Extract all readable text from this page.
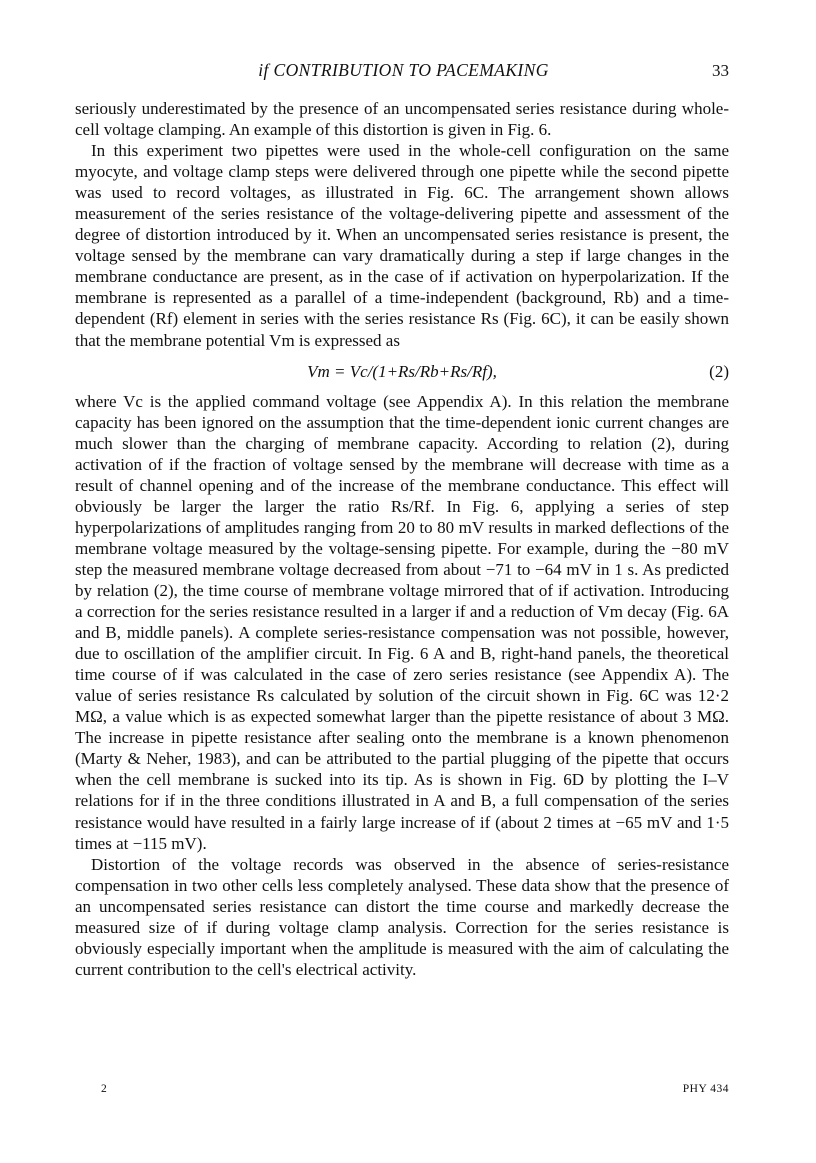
if CONTRIBUTION TO PACEMAKING	33

seriously underestimated by the presence of an uncompensated series resistance during whole-cell voltage clamping. An example of this distortion is given in Fig. 6.

In this experiment two pipettes were used in the whole-cell configuration on the same myocyte, and voltage clamp steps were delivered through one pipette while the second pipette was used to record voltages, as illustrated in Fig. 6C. The arrangement shown allows measurement of the series resistance of the voltage-delivering pipette and assessment of the degree of distortion introduced by it. When an uncompensated series resistance is present, the voltage sensed by the membrane can vary dramatically during a step if large changes in the membrane conductance are present, as in the case of if activation on hyperpolarization. If the membrane is represented as a parallel of a time-independent (background, Rb) and a time-dependent (Rf) element in series with the series resistance Rs (Fig. 6C), it can be easily shown that the membrane potential Vm is expressed as

Vm = Vc/(1+Rs/Rb+Rs/Rf),	(2)

where Vc is the applied command voltage (see Appendix A). In this relation the membrane capacity has been ignored on the assumption that the time-dependent ionic current changes are much slower than the charging of membrane capacity. According to relation (2), during activation of if the fraction of voltage sensed by the membrane will decrease with time as a result of channel opening and of the increase of the membrane conductance. This effect will obviously be larger the larger the ratio Rs/Rf. In Fig. 6, applying a series of step hyperpolarizations of amplitudes ranging from 20 to 80 mV results in marked deflections of the membrane voltage measured by the voltage-sensing pipette. For example, during the −80 mV step the measured membrane voltage decreased from about −71 to −64 mV in 1 s. As predicted by relation (2), the time course of membrane voltage mirrored that of if activation. Introducing a correction for the series resistance resulted in a larger if and a reduction of Vm decay (Fig. 6A and B, middle panels). A complete series-resistance compensation was not possible, however, due to oscillation of the amplifier circuit. In Fig. 6 A and B, right-hand panels, the theoretical time course of if was calculated in the case of zero series resistance (see Appendix A). The value of series resistance Rs calculated by solution of the circuit shown in Fig. 6C was 12·2 MΩ, a value which is as expected somewhat larger than the pipette resistance of about 3 MΩ. The increase in pipette resistance after sealing onto the membrane is a known phenomenon (Marty & Neher, 1983), and can be attributed to the partial plugging of the pipette that occurs when the cell membrane is sucked into its tip. As is shown in Fig. 6D by plotting the I–V relations for if in the three conditions illustrated in A and B, a full compensation of the series resistance would have resulted in a fairly large increase of if (about 2 times at −65 mV and 1·5 times at −115 mV).

Distortion of the voltage records was observed in the absence of series-resistance compensation in two other cells less completely analysed. These data show that the presence of an uncompensated series resistance can distort the time course and markedly decrease the measured size of if during voltage clamp analysis. Correction for the series resistance is obviously especially important when the amplitude is measured with the aim of calculating the current contribution to the cell's electrical activity.

2	PHY 434
